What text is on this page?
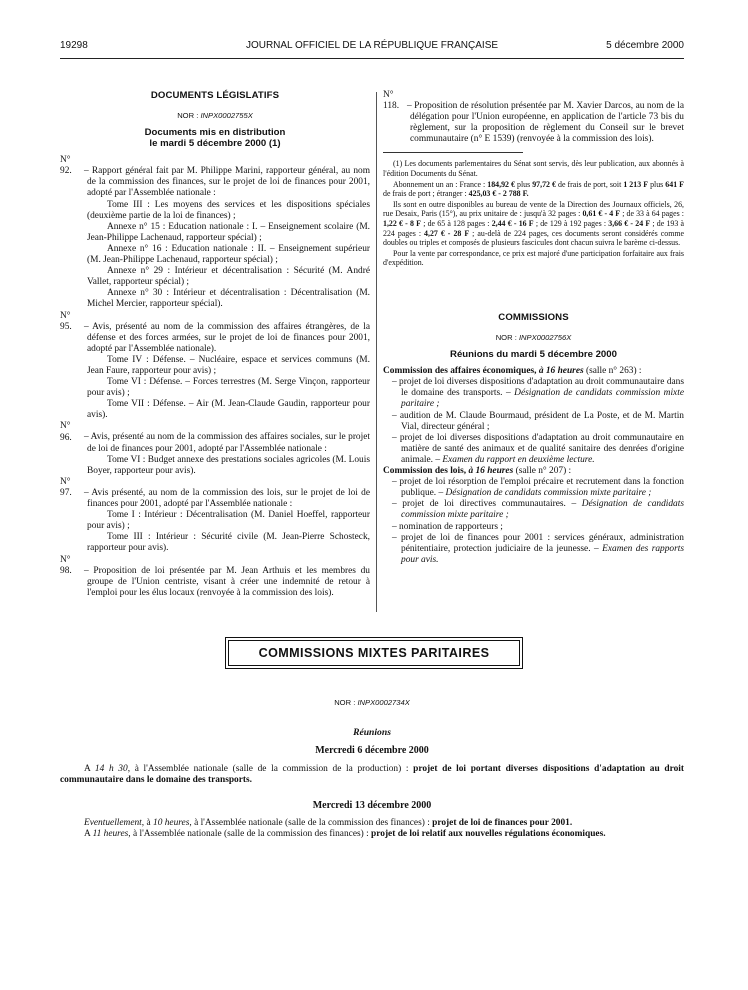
19298	JOURNAL OFFICIEL DE LA RÉPUBLIQUE FRANÇAISE	5 décembre 2000

DOCUMENTS LÉGISLATIFS

NOR : INPX0002755X

Documents mis en distribution

le mardi 5 décembre 2000 (1)

N° 92. – Rapport général fait par M. Philippe Marini, rapporteur général, au nom de la commission des finances, sur le projet de loi de finances pour 2001, adopté par l'Assemblée nationale :

Tome III : Les moyens des services et les dispositions spéciales (deuxième partie de la loi de finances) ;

Annexe n° 15 : Education nationale : I. – Enseignement scolaire (M. Jean-Philippe Lachenaud, rapporteur spécial) ;

Annexe n° 16 : Education nationale : II. – Enseignement supérieur (M. Jean-Philippe Lachenaud, rapporteur spécial) ;

Annexe n° 29 : Intérieur et décentralisation : Sécurité (M. André Vallet, rapporteur spécial) ;

Annexe n° 30 : Intérieur et décentralisation : Décentralisation (M. Michel Mercier, rapporteur spécial).

N° 95. – Avis, présenté au nom de la commission des affaires étrangères, de la défense et des forces armées, sur le projet de loi de finances pour 2001, adopté par l'Assemblée nationale).

Tome IV : Défense. – Nucléaire, espace et services communs (M. Jean Faure, rapporteur pour avis) ;

Tome VI : Défense. – Forces terrestres (M. Serge Vinçon, rapporteur pour avis) ;

Tome VII : Défense. – Air (M. Jean-Claude Gaudin, rapporteur pour avis).

N° 96. – Avis, présenté au nom de la commission des affaires sociales, sur le projet de loi de finances pour 2001, adopté par l'Assemblée nationale :

Tome VI : Budget annexe des prestations sociales agricoles (M. Louis Boyer, rapporteur pour avis).

N° 97. – Avis présenté, au nom de la commission des lois, sur le projet de loi de finances pour 2001, adopté par l'Assemblée nationale :

Tome I : Intérieur : Décentralisation (M. Daniel Hoeffel, rapporteur pour avis) ;

Tome III : Intérieur : Sécurité civile (M. Jean-Pierre Schosteck, rapporteur pour avis).

N° 98. – Proposition de loi présentée par M. Jean Arthuis et les membres du groupe de l'Union centriste, visant à créer une indemnité de retour à l'emploi pour les élus locaux (renvoyée à la commission des lois).

N° 118. – Proposition de résolution présentée par M. Xavier Darcos, au nom de la délégation pour l'Union européenne, en application de l'article 73 bis du règlement, sur la proposition de règlement du Conseil sur le brevet communautaire (n° E 1539) (renvoyée à la commission des lois).

(1) Les documents parlementaires du Sénat sont servis, dès leur publication, aux abonnés à l'édition Documents du Sénat.

Abonnement un an : France : 184,92 € plus 97,72 € de frais de port, soit 1 213 F plus 641 F de frais de port ; étranger : 425,03 € - 2 788 F.

Ils sont en outre disponibles au bureau de vente de la Direction des Journaux officiels, 26, rue Desaix, Paris (15°), au prix unitaire de : jusqu'à 32 pages : 0,61 € - 4 F ; de 33 à 64 pages : 1,22 € - 8 F ; de 65 à 128 pages : 2,44 € - 16 F ; de 129 à 192 pages : 3,66 € - 24 F ; de 193 à 224 pages : 4,27 € - 28 F ; au-delà de 224 pages, ces documents seront considérés comme doubles ou triples et composés de plusieurs fascicules dont chacun suivra le barème ci-dessus.

Pour la vente par correspondance, ce prix est majoré d'une participation forfaitaire aux frais d'expédition.

COMMISSIONS

NOR : INPX0002756X

Réunions du mardi 5 décembre 2000

Commission des affaires économiques, à 16 heures (salle n° 263) :

– projet de loi diverses dispositions d'adaptation au droit communautaire dans le domaine des transports. – Désignation de candidats commission mixte paritaire ;

– audition de M. Claude Bourmaud, président de La Poste, et de M. Martin Vial, directeur général ;

– projet de loi diverses dispositions d'adaptation au droit communautaire en matière de santé des animaux et de qualité sanitaire des denrées d'origine animale. – Examen du rapport en deuxième lecture.

Commission des lois, à 16 heures (salle n° 207) :

– projet de loi résorption de l'emploi précaire et recrutement dans la fonction publique. – Désignation de candidats commission mixte paritaire ;

– projet de loi directives communautaires. – Désignation de candidats commission mixte paritaire ;

– nomination de rapporteurs ;

– projet de loi de finances pour 2001 : services généraux, administration pénitentiaire, protection judiciaire de la jeunesse. – Examen des rapports pour avis.

COMMISSIONS MIXTES PARITAIRES
NOR : INPX0002734X
Réunions
Mercredi 6 décembre 2000

A 14 h 30, à l'Assemblée nationale (salle de la commission de la production) : projet de loi portant diverses dispositions d'adaptation au droit communautaire dans le domaine des transports.

Mercredi 13 décembre 2000

Eventuellement, à 10 heures, à l'Assemblée nationale (salle de la commission des finances) : projet de loi de finances pour 2001.

A 11 heures, à l'Assemblée nationale (salle de la commission des finances) : projet de loi relatif aux nouvelles régulations économiques.
